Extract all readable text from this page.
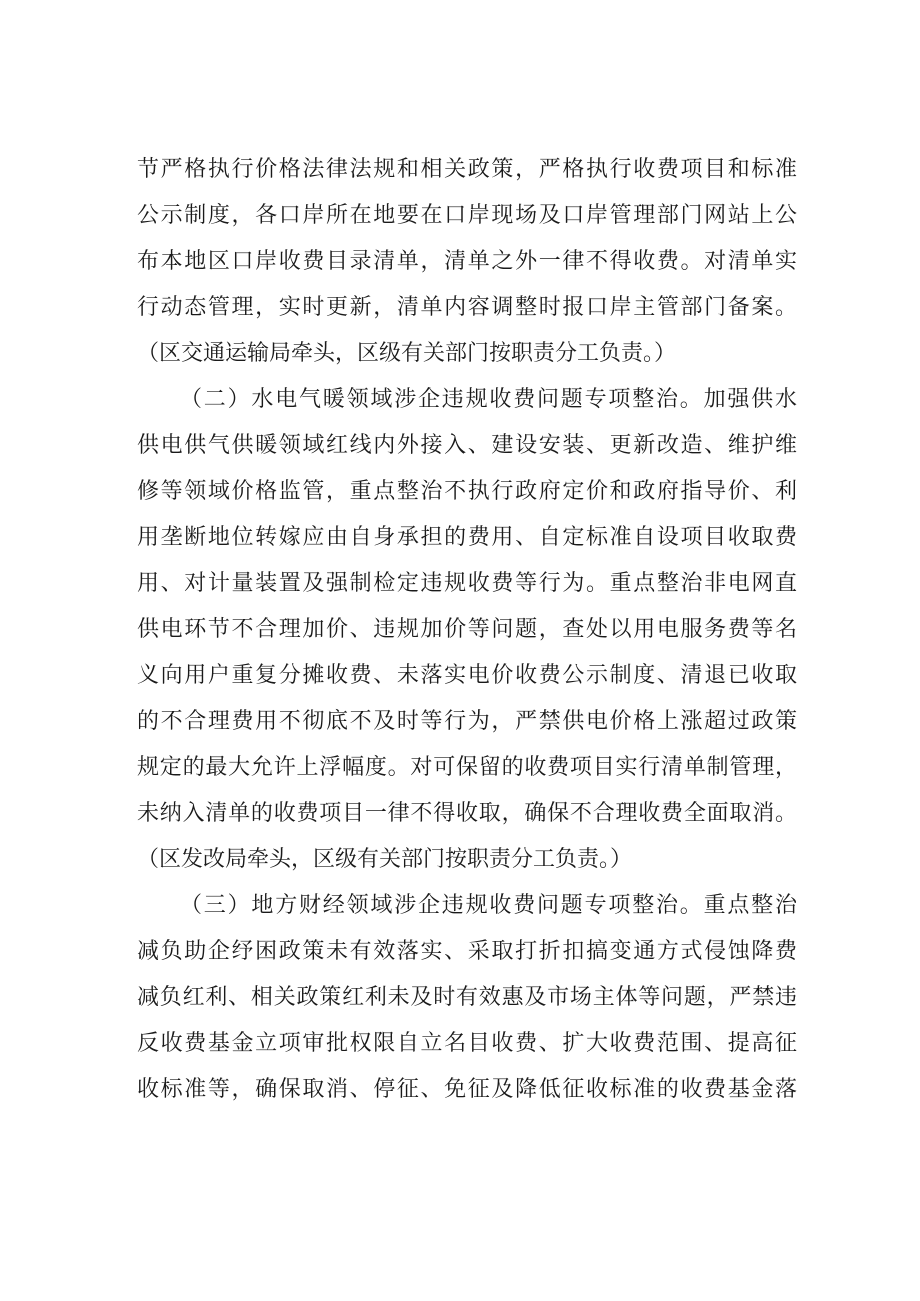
节严格执行价格法律法规和相关政策，严格执行收费项目和标准
公示制度，各口岸所在地要在口岸现场及口岸管理部门网站上公
布本地区口岸收费目录清单，清单之外一律不得收费。对清单实
行动态管理，实时更新，清单内容调整时报口岸主管部门备案。
（区交通运输局牵头，区级有关部门按职责分工负责。）
（二）水电气暖领域涉企违规收费问题专项整治。加强供水
供电供气供暖领域红线内外接入、建设安装、更新改造、维护维
修等领域价格监管，重点整治不执行政府定价和政府指导价、利
用垄断地位转嫁应由自身承担的费用、自定标准自设项目收取费
用、对计量装置及强制检定违规收费等行为。重点整治非电网直
供电环节不合理加价、违规加价等问题，查处以用电服务费等名
义向用户重复分摊收费、未落实电价收费公示制度、清退已收取
的不合理费用不彻底不及时等行为，严禁供电价格上涨超过政策
规定的最大允许上浮幅度。对可保留的收费项目实行清单制管理，
未纳入清单的收费项目一律不得收取，确保不合理收费全面取消。
（区发改局牵头，区级有关部门按职责分工负责。）
（三）地方财经领域涉企违规收费问题专项整治。重点整治
减负助企纾困政策未有效落实、采取打折扣搞变通方式侵蚀降费
减负红利、相关政策红利未及时有效惠及市场主体等问题，严禁违
反收费基金立项审批权限自立名目收费、扩大收费范围、提高征
收标准等，确保取消、停征、免征及降低征收标准的收费基金落
